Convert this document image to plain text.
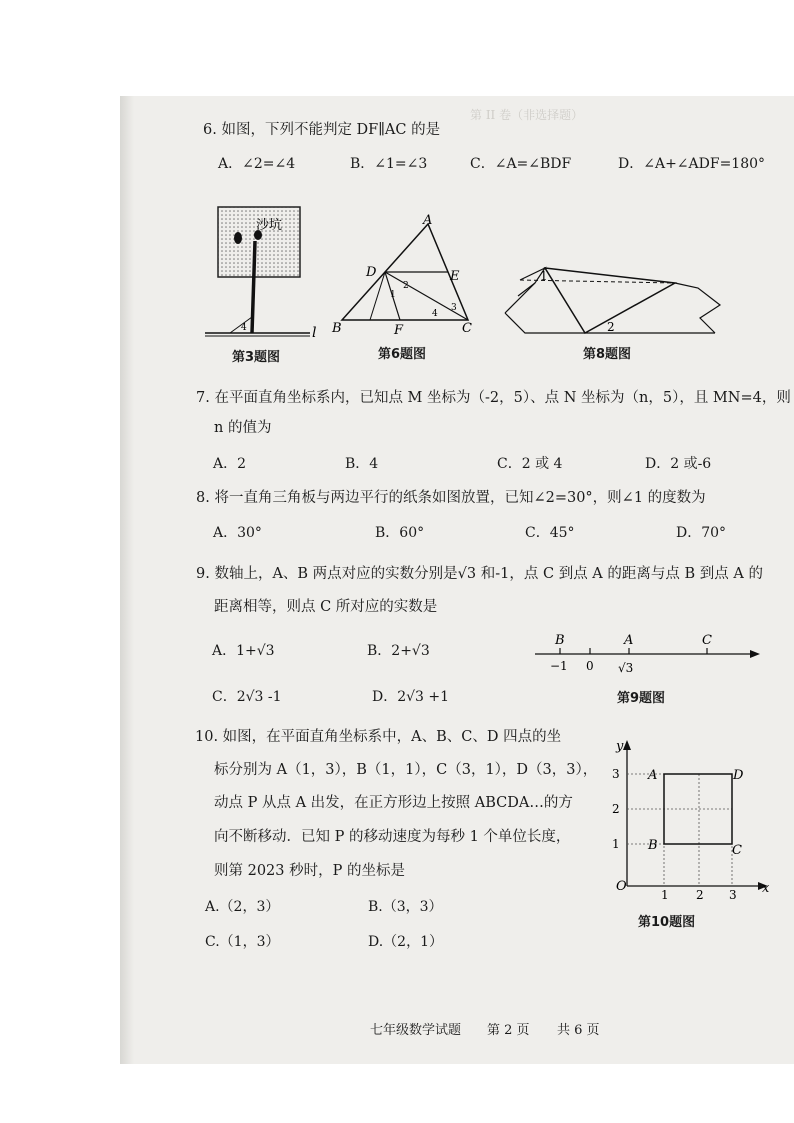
第 II 卷（非选择题）
6. 如图，下列不能判定 DF∥AC 的是
A．∠2=∠4	B．∠1=∠3	C．∠A=∠BDF	D．∠A+∠ADF=180°
沙坑
4	l
第3题图
A
D	E
B	F	C
1
2
3
4
第6题图
1
2
第8题图
7. 在平面直角坐标系内，已知点 M 坐标为（-2，5）、点 N 坐标为（n，5），且 MN=4，则
n 的值为
A．2	B．4	C．2 或 4	D．2 或-6
8. 将一直角三角板与两边平行的纸条如图放置，已知∠2=30°，则∠1 的度数为
A．30°	B．60°	C．45°	D．70°
9. 数轴上，A、B 两点对应的实数分别是√3 和-1，点 C 到点 A 的距离与点 B 到点 A 的
距离相等，则点 C 所对应的实数是
A．1+√3	B．2+√3
C．2√3 -1	D．2√3 +1
B	A	C
−1 0 √3
第9题图
10. 如图，在平面直角坐标系中，A、B、C、D 四点的坐
标分别为 A（1，3），B（1，1），C（3，1），D（3，3），
动点 P 从点 A 出发，在正方形边上按照 ABCDA…的方
向不断移动．已知 P 的移动速度为每秒 1 个单位长度，
则第 2023 秒时，P 的坐标是
A.（2，3）	B.（3，3）
C.（1，3）	D.（2，1）
y
x
O
A
B	C
D
1 2 3
1
2
3
第10题图
七年级数学试题 第 2 页 共 6 页
